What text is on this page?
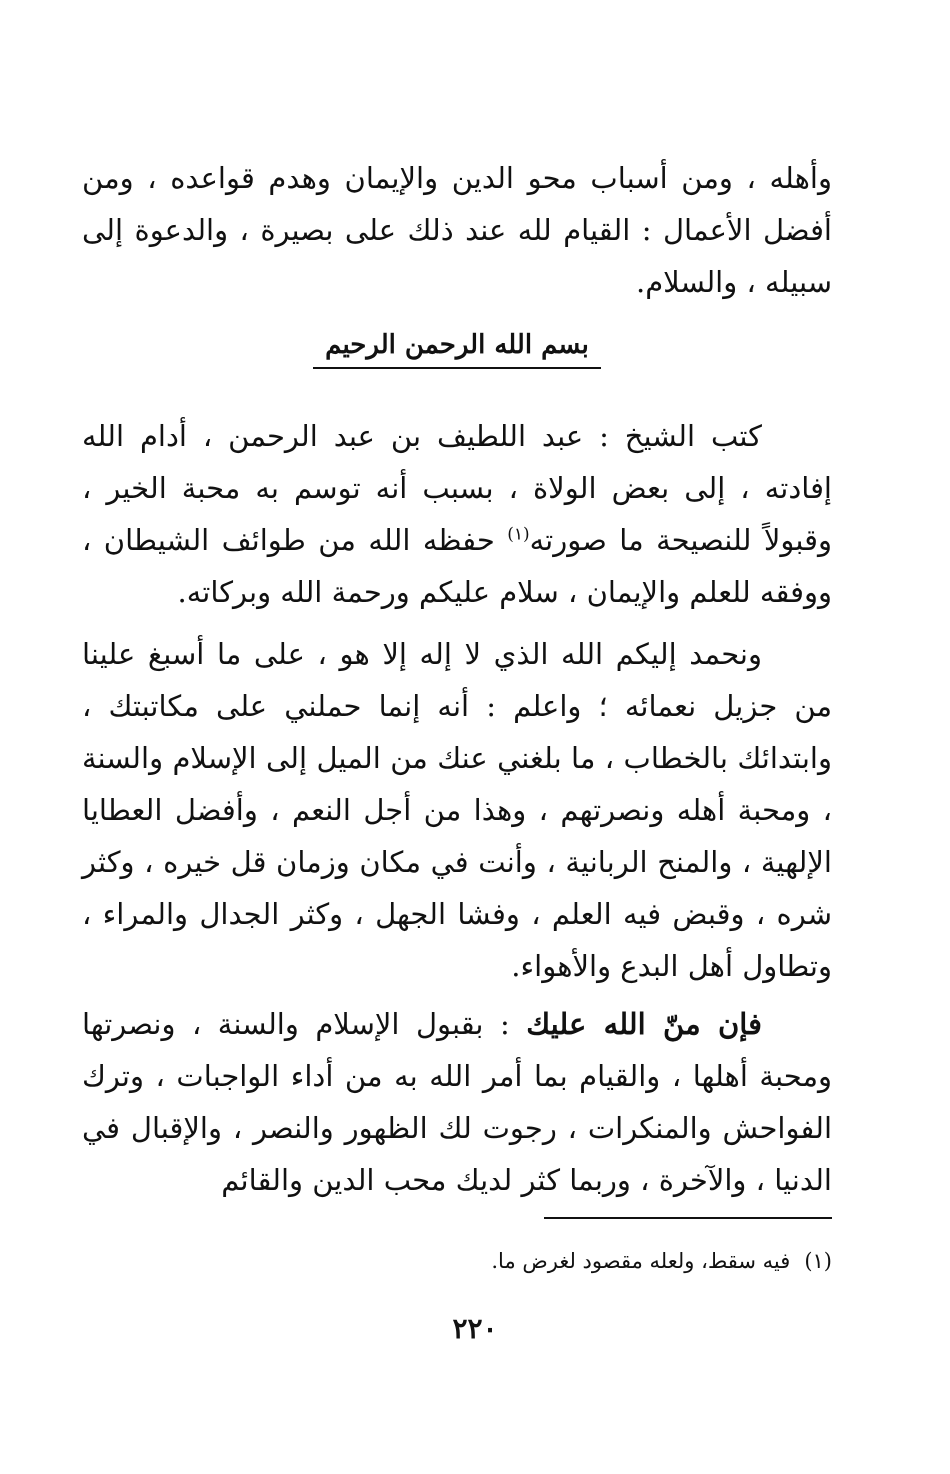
وأهله ، ومن أسباب محو الدين والإيمان وهدم قواعده ، ومن أفضل الأعمال : القيام لله عند ذلك على بصيرة ، والدعوة إلى سبيله ، والسلام.

بسم الله الرحمن الرحيم

كتب الشيخ : عبد اللطيف بن عبد الرحمن ، أدام الله إفادته ، إلى بعض الولاة ، بسبب أنه توسم به محبة الخير ، وقبولاً للنصيحة ما صورته$^{(١)}$ حفظه الله من طوائف الشيطان ، ووفقه للعلم والإيمان ، سلام عليكم ورحمة الله وبركاته.

ونحمد إليكم الله الذي لا إله إلا هو ، على ما أسبغ علينا من جزيل نعمائه ؛ واعلم : أنه إنما حملني على مكاتبتك ، وابتدائك بالخطاب ، ما بلغني عنك من الميل إلى الإسلام والسنة ، ومحبة أهله ونصرتهم ، وهذا من أجل النعم ، وأفضل العطايا الإلهية ، والمنح الربانية ، وأنت في مكان وزمان قل خيره ، وكثر شره ، وقبض فيه العلم ، وفشا الجهل ، وكثر الجدال والمراء ، وتطاول أهل البدع والأهواء.

فإن منّ الله عليك : بقبول الإسلام والسنة ، ونصرتها ومحبة أهلها ، والقيام بما أمر الله به من أداء الواجبات ، وترك الفواحش والمنكرات ، رجوت لك الظهور والنصر ، والإقبال في الدنيا ، والآخرة ، وربما كثر لديك محب الدين والقائم

(١)فيه سقط، ولعله مقصود لغرض ما.
٢٢٠
